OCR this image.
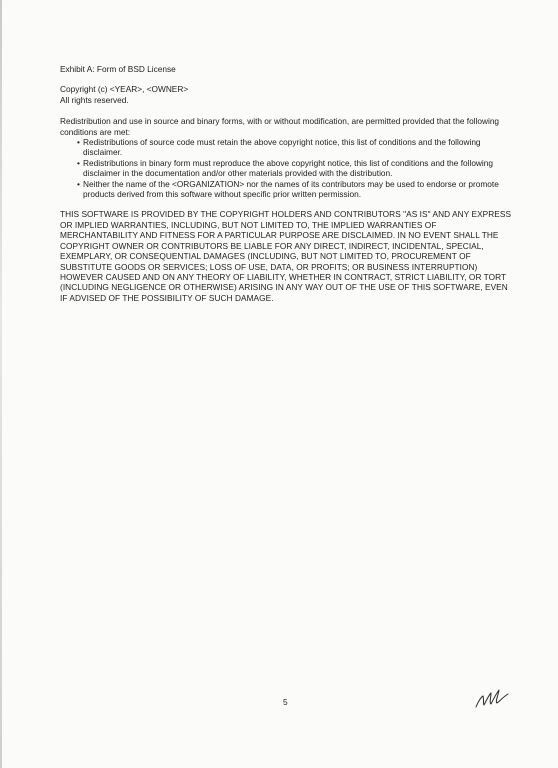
Exhibit A: Form of BSD License

Copyright (c) <YEAR>, <OWNER>
All rights reserved.

Redistribution and use in source and binary forms, with or without modification, are permitted provided that the following conditions are met:

• Redistributions of source code must retain the above copyright notice, this list of conditions and the following disclaimer.
• Redistributions in binary form must reproduce the above copyright notice, this list of conditions and the following disclaimer in the documentation and/or other materials provided with the distribution.
• Neither the name of the <ORGANIZATION> nor the names of its contributors may be used to endorse or promote products derived from this software without specific prior written permission.

THIS SOFTWARE IS PROVIDED BY THE COPYRIGHT HOLDERS AND CONTRIBUTORS "AS IS" AND ANY EXPRESS OR IMPLIED WARRANTIES, INCLUDING, BUT NOT LIMITED TO, THE IMPLIED WARRANTIES OF MERCHANTABILITY AND FITNESS FOR A PARTICULAR PURPOSE ARE DISCLAIMED. IN NO EVENT SHALL THE COPYRIGHT OWNER OR CONTRIBUTORS BE LIABLE FOR ANY DIRECT, INDIRECT, INCIDENTAL, SPECIAL, EXEMPLARY, OR CONSEQUENTIAL DAMAGES (INCLUDING, BUT NOT LIMITED TO, PROCUREMENT OF SUBSTITUTE GOODS OR SERVICES; LOSS OF USE, DATA, OR PROFITS; OR BUSINESS INTERRUPTION) HOWEVER CAUSED AND ON ANY THEORY OF LIABILITY, WHETHER IN CONTRACT, STRICT LIABILITY, OR TORT (INCLUDING NEGLIGENCE OR OTHERWISE) ARISING IN ANY WAY OUT OF THE USE OF THIS SOFTWARE, EVEN IF ADVISED OF THE POSSIBILITY OF SUCH DAMAGE.

5
